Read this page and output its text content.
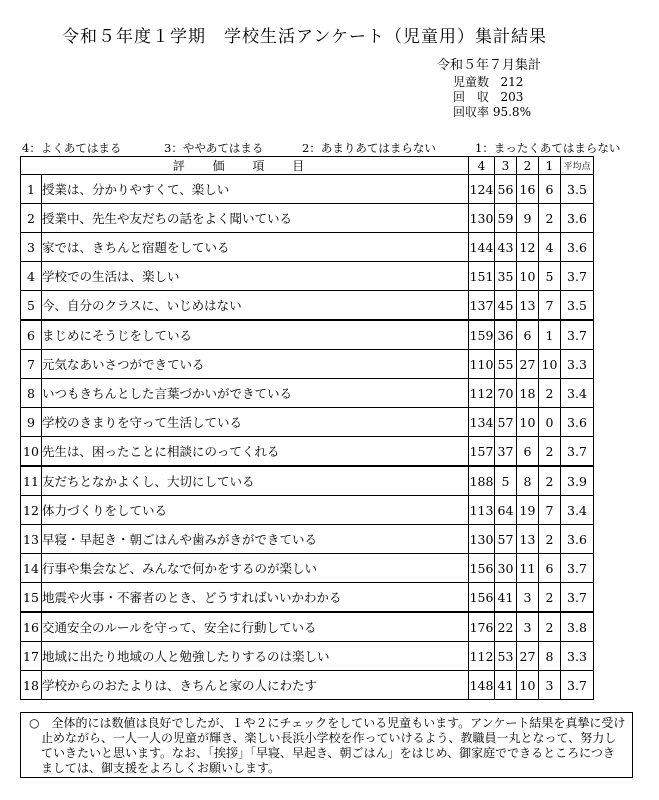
令和５年度１学期　学校生活アンケート（児童用）集計結果
令和５年７月集計
児童数 212
回　収 203
回収率 95.8%
4：よくあてはまる	3：ややあてはまる	2：あまりあてはまらない	1：まったくあてはまらない
評 価 項 目		4	3	2	1	平均点
1	授業は、分かりやすくて、楽しい	124	56	16	6	3.5
2	授業中、先生や友だちの話をよく聞いている	130	59	9	2	3.6
3	家では、きちんと宿題をしている	144	43	12	4	3.6
4	学校での生活は、楽しい	151	35	10	5	3.7
5	今、自分のクラスに、いじめはない	137	45	13	7	3.5
6	まじめにそうじをしている	159	36	6	1	3.7
7	元気なあいさつができている	110	55	27	10	3.3
8	いつもきちんとした言葉づかいができている	112	70	18	2	3.4
9	学校のきまりを守って生活している	134	57	10	0	3.6
10	先生は、困ったことに相談にのってくれる	157	37	6	2	3.7
11	友だちとなかよくし、大切にしている	188	5	8	2	3.9
12	体力づくりをしている	113	64	19	7	3.4
13	早寝・早起き・朝ごはんや歯みがきができている	130	57	13	2	3.6
14	行事や集会など、みんなで何かをするのが楽しい	156	30	11	6	3.7
15	地震や火事・不審者のとき、どうすればいいかわかる	156	41	3	2	3.7
16	交通安全のルールを守って、安全に行動している	176	22	3	2	3.8
17	地域に出たり地域の人と勉強したりするのは楽しい	112	53	27	8	3.3
18	学校からのおたよりは、きちんと家の人にわたす	148	41	10	3	3.7
○　全体的には数値は良好でしたが、１や２にチェックをしている児童もいます。アンケート結果を真摯に受け止めながら、一人一人の児童が輝き、楽しい長浜小学校を作っていけるよう、教職員一丸となって、努力していきたいと思います。なお、「挨拶」「早寝、早起き、朝ごはん」をはじめ、御家庭でできるところにつきましては、御支援をよろしくお願いします。
